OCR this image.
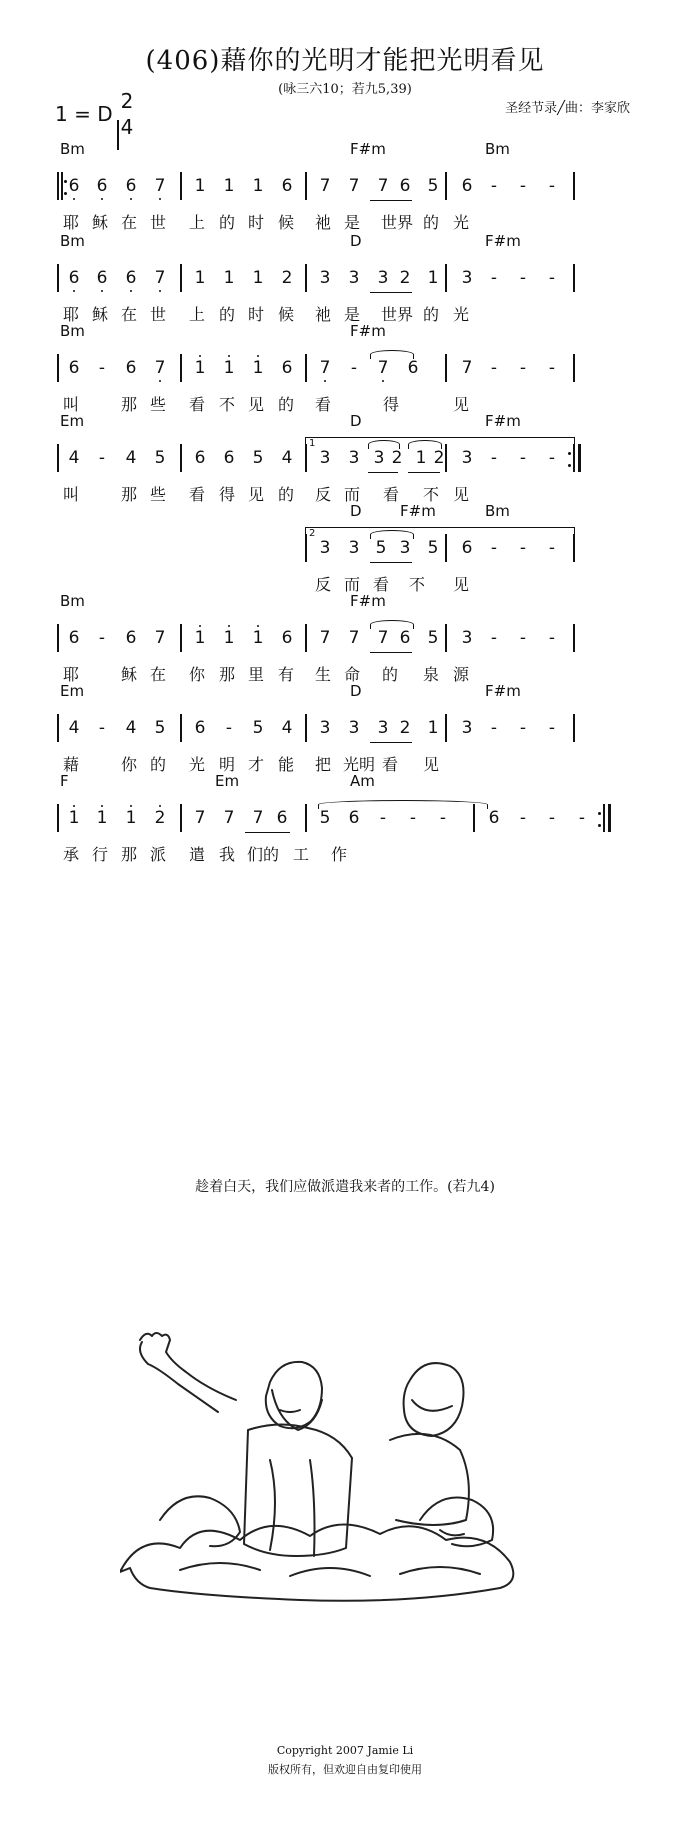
(406)藉你的光明才能把光明看见
(咏三六10；若九5,39)
1 = D
2
4
圣经节录╱曲：李家欣
Bm	F#m	Bm
6 6 6 7 1 1 1 6 7 7 7 6 5 6 - - -
耶 稣 在 世 上 的 时 候 祂 是 世界 的 光
Bm	D	F#m
6 6 6 7 1 1 1 2 3 3 3 2 1 3 - - -
耶 稣 在 世 上 的 时 候 祂 是 世界 的 光
Bm	F#m
6 - 6 7 1 1 1 6 7 - 7 6	7 - - -
叫	那 些 看 不 见 的 看	得	见
Em	D	F#m
4 - 4 5 6 6 5 4 3 3 3 2 1 2 3 - - -
1
叫	那 些 看 得 见 的 反 而 看 不 见
D	F#m	Bm
3 3 5 3 5 6 - - -
2
反 而 看 不 见
Bm	F#m
6 - 6 7 1 1 1 6 7 7 7 6 5 3 - - -
耶	稣 在 你 那 里 有 生 命 的 泉 源
Em	D	F#m
4 - 4 5 6 - 5 4 3 3 3 2 1 3 - - -
藉	你 的 光 明 才 能 把 光明 看 见
F	Em	Am
1 1 1 2 7 7 7 6 5 6 - - -	6 - - -
承 行 那 派 遣 我 们的 工 作
趁着白天，我们应做派遣我来者的工作。(若九4)
Copyright 2007 Jamie Li
版权所有，但欢迎自由复印使用
